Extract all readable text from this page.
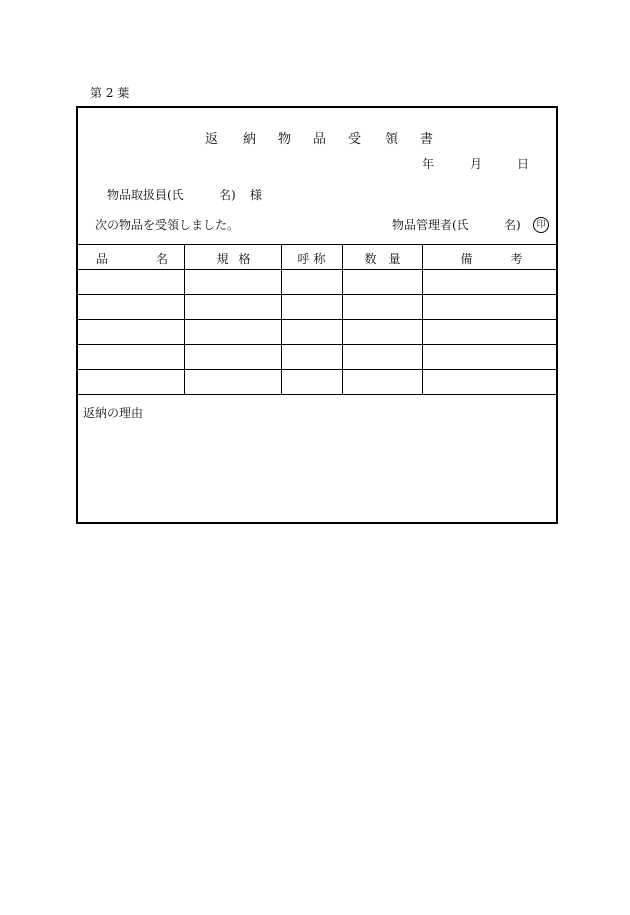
第 2 葉
返 納 物 品 受 領 書
年	月	日
物品取扱員(氏	名) 様
次の物品を受領しました。	物品管理者(氏	名)	印
品 名	規 格	呼 称	数 量	備 考

返納の理由
